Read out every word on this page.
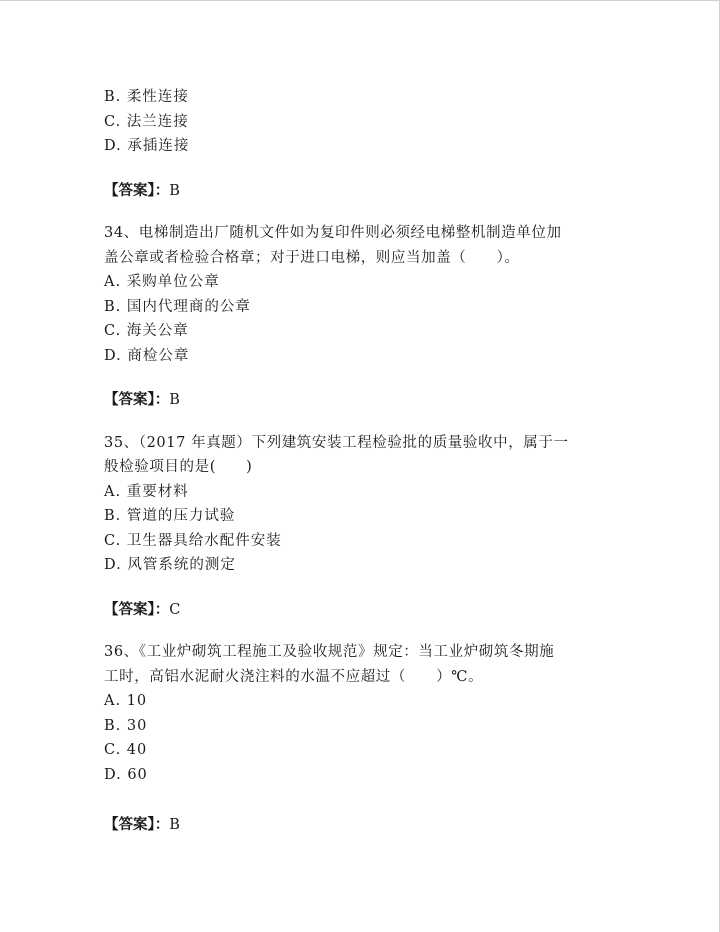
B. 柔性连接
C. 法兰连接
D. 承插连接
【答案】：B
34、电梯制造出厂随机文件如为复印件则必须经电梯整机制造单位加
盖公章或者检验合格章；对于进口电梯，则应当加盖（　　）。
A. 采购单位公章
B. 国内代理商的公章
C. 海关公章
D. 商检公章
【答案】：B
35、（2017 年真题）下列建筑安装工程检验批的质量验收中，属于一
般检验项目的是(　　)
A. 重要材料
B. 管道的压力试验
C. 卫生器具给水配件安装
D. 风管系统的测定
【答案】：C
36、《工业炉砌筑工程施工及验收规范》规定：当工业炉砌筑冬期施
工时，高铝水泥耐火浇注料的水温不应超过（　　）℃。
A. 10
B. 30
C. 40
D. 60
【答案】：B
